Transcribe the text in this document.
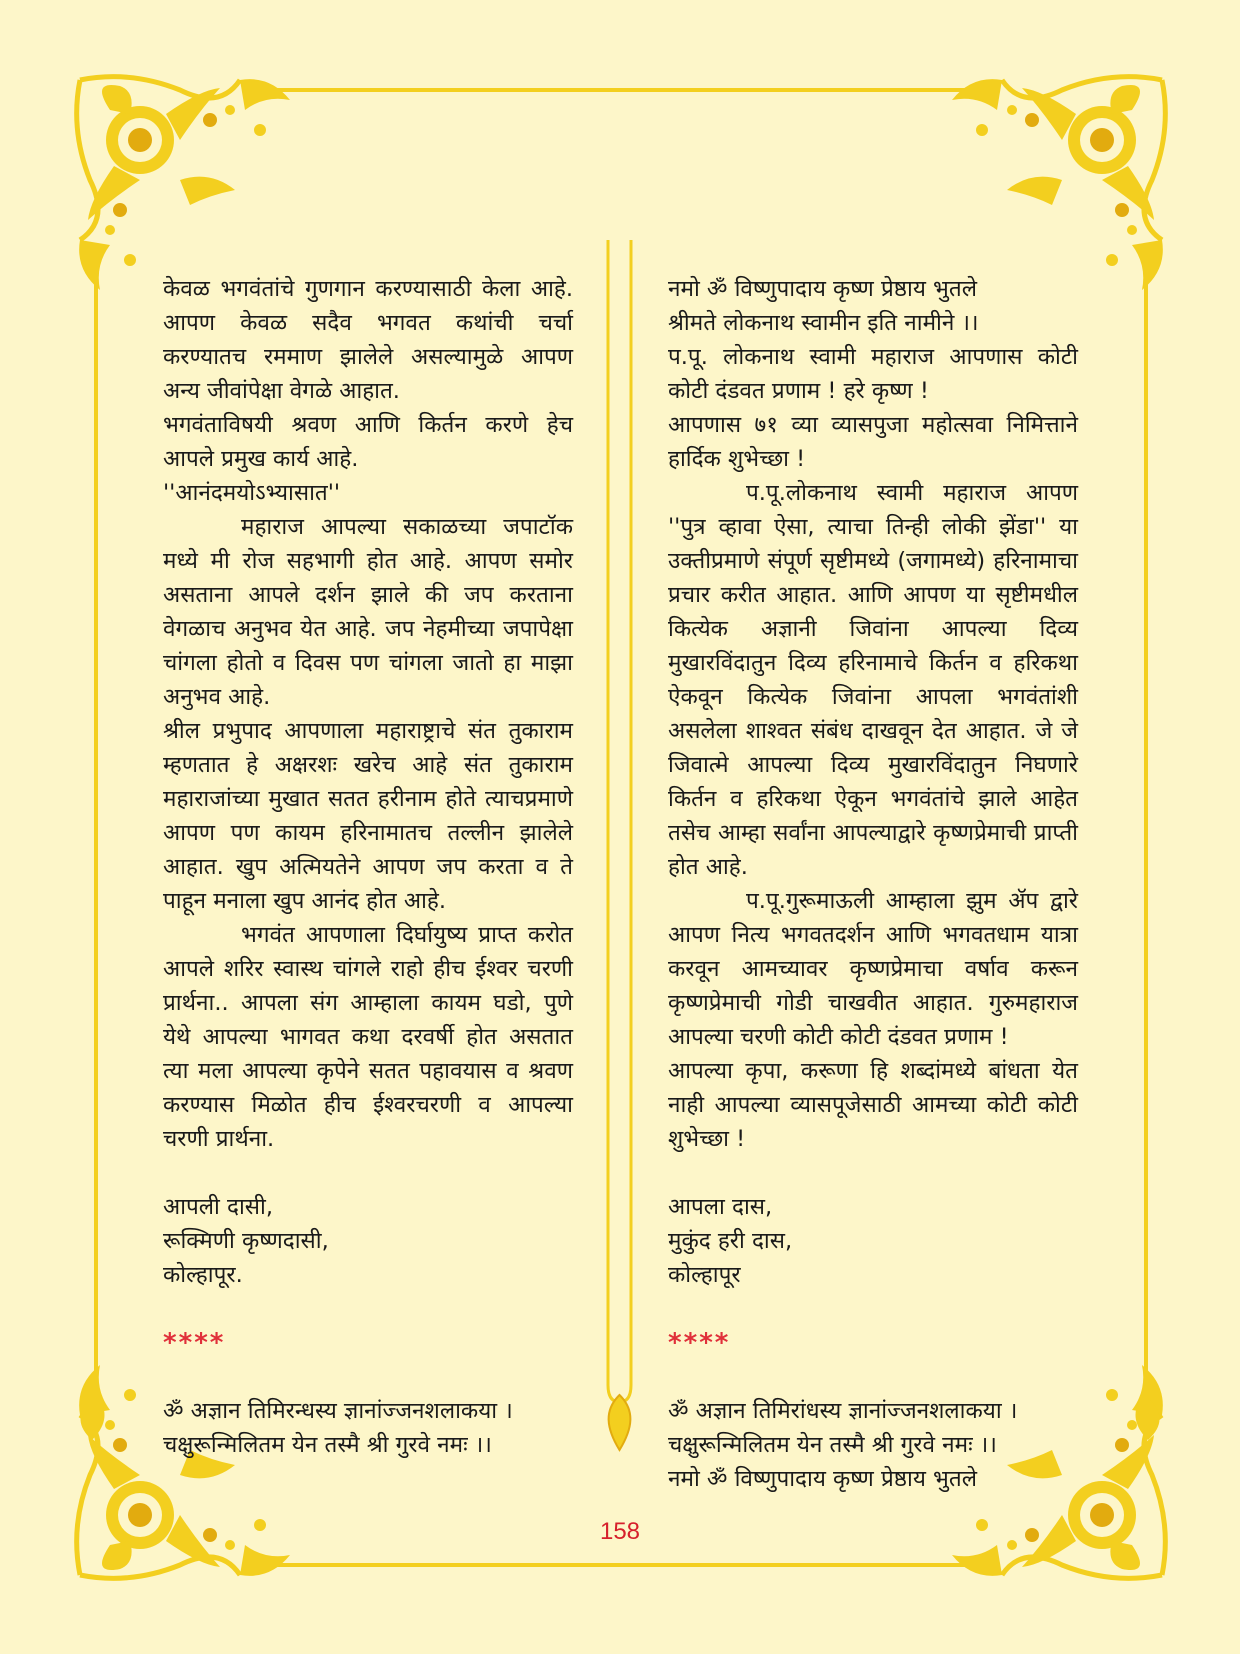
केवळ भगवंतांचे गुणगान करण्यासाठी केला आहे. आपण केवळ सदैव भगवत कथांची चर्चा करण्यातच रममाण झालेले असल्यामुळे आपण अन्य जीवांपेक्षा वेगळे आहात.

भगवंताविषयी श्रवण आणि किर्तन करणे हेच आपले प्रमुख कार्य आहे.

''आनंदमयोऽभ्यासात''

महाराज आपल्या सकाळच्या जपाटॉक मध्ये मी रोज सहभागी होत आहे. आपण समोर असताना आपले दर्शन झाले की जप करताना वेगळाच अनुभव येत आहे. जप नेहमीच्या जपापेक्षा चांगला होतो व दिवस पण चांगला जातो हा माझा अनुभव आहे.

श्रील प्रभुपाद आपणाला महाराष्ट्राचे संत तुकाराम म्हणतात हे अक्षरशः खरेच आहे संत तुकाराम महाराजांच्या मुखात सतत हरीनाम होते त्याचप्रमाणे आपण पण कायम हरिनामातच तल्लीन झालेले आहात. खुप अत्मियतेने आपण जप करता व ते पाहून मनाला खुप आनंद होत आहे.

भगवंत आपणाला दिर्घायुष्य प्राप्त करोत आपले शरिर स्वास्थ चांगले राहो हीच ईश्वर चरणी प्रार्थना.. आपला संग आम्हाला कायम घडो, पुणे येथे आपल्या भागवत कथा दरवर्षी होत असतात त्या मला आपल्या कृपेने सतत पहावयास व श्रवण करण्यास मिळोत हीच ईश्वरचरणी व आपल्या चरणी प्रार्थना.

आपली दासी,

रूक्मिणी कृष्णदासी,

कोल्हापूर.

****

ॐ अज्ञान तिमिरन्धस्य ज्ञानांज्जनशलाकया ।

चक्षुरून्मिलितम येन तस्मै श्री गुरवे नमः ।।

नमो ॐ विष्णुपादाय कृष्ण प्रेष्ठाय भुतले

श्रीमते लोकनाथ स्वामीन इति नामीने ।।

प.पू. लोकनाथ स्वामी महाराज आपणास कोटी कोटी दंडवत प्रणाम ! हरे कृष्ण !

आपणास ७१ व्या व्यासपुजा महोत्सवा निमित्ताने हार्दिक शुभेच्छा !

प.पू.लोकनाथ स्वामी महाराज आपण ''पुत्र व्हावा ऐसा, त्याचा तिन्ही लोकी झेंडा'' या उक्तीप्रमाणे संपूर्ण सृष्टीमध्ये (जगामध्ये) हरिनामाचा प्रचार करीत आहात. आणि आपण या सृष्टीमधील कित्येक अज्ञानी जिवांना आपल्या दिव्य मुखारविंदातुन दिव्य हरिनामाचे किर्तन व हरिकथा ऐकवून कित्येक जिवांना आपला भगवंतांशी असलेला शाश्वत संबंध दाखवून देत आहात. जे जे जिवात्मे आपल्या दिव्य मुखारविंदातुन निघणारे किर्तन व हरिकथा ऐकून भगवंतांचे झाले आहेत तसेच आम्हा सर्वांना आपल्याद्वारे कृष्णप्रेमाची प्राप्ती होत आहे.

प.पू.गुरूमाऊली आम्हाला झुम ॲप द्वारे आपण नित्य भगवतदर्शन आणि भगवतधाम यात्रा करवून आमच्यावर कृष्णप्रेमाचा वर्षाव करून कृष्णप्रेमाची गोडी चाखवीत आहात. गुरुमहाराज आपल्या चरणी कोटी कोटी दंडवत प्रणाम !

आपल्या कृपा, करूणा हि शब्दांमध्ये बांधता येत नाही आपल्या व्यासपूजेसाठी आमच्या कोटी कोटी शुभेच्छा !

आपला दास,

मुकुंद हरी दास,

कोल्हापूर

****

ॐ अज्ञान तिमिरांधस्य ज्ञानांज्जनशलाकया ।

चक्षुरून्मिलितम येन तस्मै श्री गुरवे नमः ।।

नमो ॐ विष्णुपादाय कृष्ण प्रेष्ठाय भुतले

158
